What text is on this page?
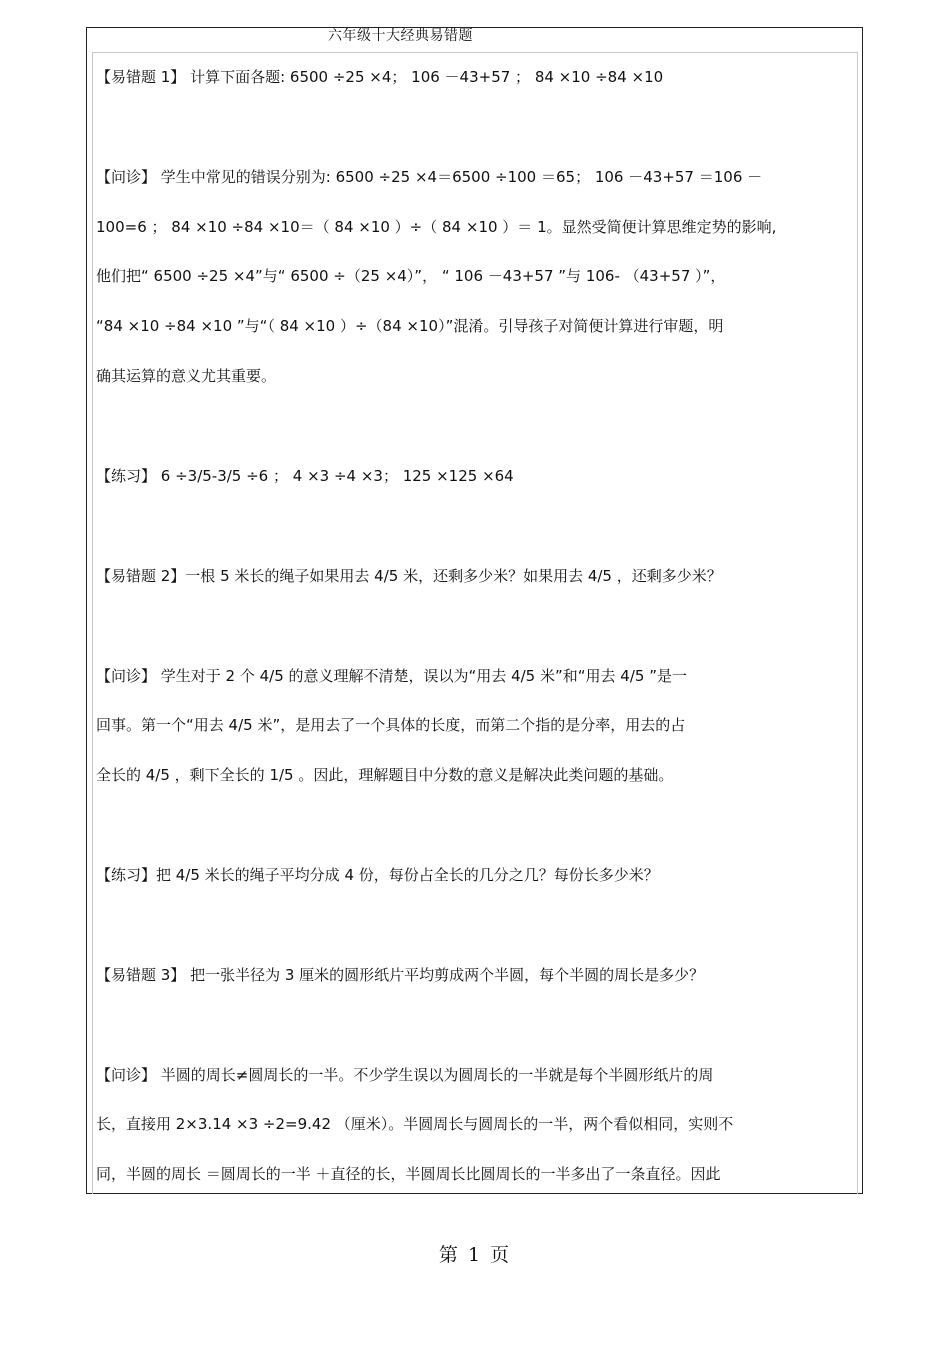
六年级十大经典易错题
【易错题 1】 计算下面各题: 6500 ÷25 ×4； 106 －43+57 ； 84 ×10 ÷84 ×10
【问诊】 学生中常见的错误分别为: 6500 ÷25 ×4＝6500 ÷100 ＝65； 106 －43+57 ＝106 －
100=6 ； 84 ×10 ÷84 ×10＝（ 84 ×10 ）÷（ 84 ×10 ）＝ 1。显然受简便计算思维定势的影响,
他们把“ 6500 ÷25 ×4”与“ 6500 ÷（25 ×4）”， “ 106 －43+57 ”与 106- （43+57 ）”，
“84 ×10 ÷84 ×10 ”与“（ 84 ×10 ）÷（84 ×10）”混淆。引导孩子对简便计算进行审题，明
确其运算的意义尤其重要。
【练习】 6 ÷3/5-3/5 ÷6 ； 4 ×3 ÷4 ×3； 125 ×125 ×64
【易错题 2】一根 5 米长的绳子如果用去 4/5 米，还剩多少米？如果用去 4/5 ，还剩多少米？
【问诊】 学生对于 2 个 4/5 的意义理解不清楚，误以为“用去 4/5 米”和“用去 4/5 ”是一
回事。第一个“用去 4/5 米”，是用去了一个具体的长度，而第二个指的是分率，用去的占
全长的 4/5 ，剩下全长的 1/5 。因此，理解题目中分数的意义是解决此类问题的基础。
【练习】把 4/5 米长的绳子平均分成 4 份，每份占全长的几分之几？每份长多少米？
【易错题 3】 把一张半径为 3 厘米的圆形纸片平均剪成两个半圆，每个半圆的周长是多少？
【问诊】 半圆的周长≠圆周长的一半。不少学生误以为圆周长的一半就是每个半圆形纸片的周
长，直接用 2×3.14 ×3 ÷2=9.42 （厘米）。半圆周长与圆周长的一半，两个看似相同，实则不
同，半圆的周长 ＝圆周长的一半 ＋直径的长，半圆周长比圆周长的一半多出了一条直径。因此
第 1 页
